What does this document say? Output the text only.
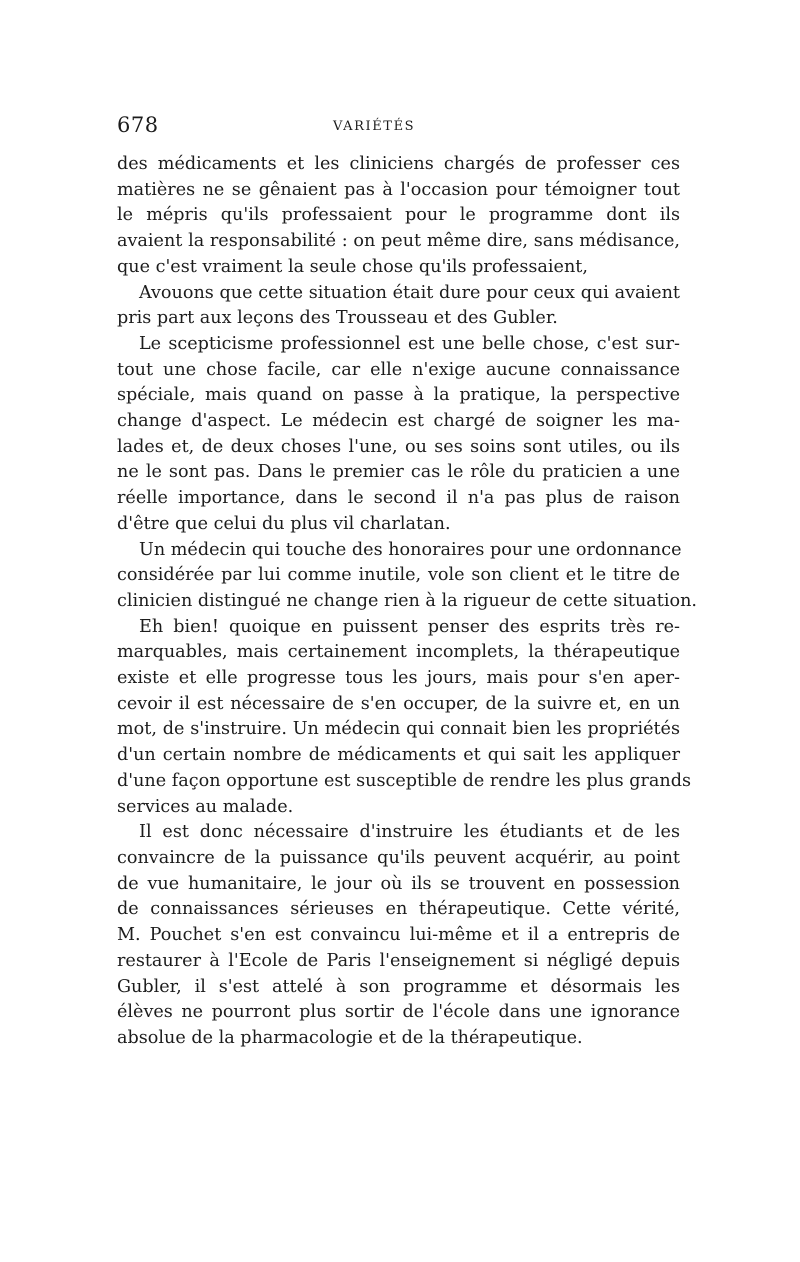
678	VARIÉTÉS

des médicaments et les cliniciens chargés de professer ces
matières ne se gênaient pas à l'occasion pour témoigner tout
le mépris qu'ils professaient pour le programme dont ils
avaient la responsabilité : on peut même dire, sans médisance,
que c'est vraiment la seule chose qu'ils professaient,

Avouons que cette situation était dure pour ceux qui avaient
pris part aux leçons des Trousseau et des Gubler.

Le scepticisme professionnel est une belle chose, c'est sur-
tout une chose facile, car elle n'exige aucune connaissance
spéciale, mais quand on passe à la pratique, la perspective
change d'aspect. Le médecin est chargé de soigner les ma-
lades et, de deux choses l'une, ou ses soins sont utiles, ou ils
ne le sont pas. Dans le premier cas le rôle du praticien a une
réelle importance, dans le second il n'a pas plus de raison
d'être que celui du plus vil charlatan.

Un médecin qui touche des honoraires pour une ordonnance
considérée par lui comme inutile, vole son client et le titre de
clinicien distingué ne change rien à la rigueur de cette situation.

Eh bien! quoique en puissent penser des esprits très re-
marquables, mais certainement incomplets, la thérapeutique
existe et elle progresse tous les jours, mais pour s'en aper-
cevoir il est nécessaire de s'en occuper, de la suivre et, en un
mot, de s'instruire. Un médecin qui connait bien les propriétés
d'un certain nombre de médicaments et qui sait les appliquer
d'une façon opportune est susceptible de rendre les plus grands
services au malade.

Il est donc nécessaire d'instruire les étudiants et de les
convaincre de la puissance qu'ils peuvent acquérir, au point
de vue humanitaire, le jour où ils se trouvent en possession
de connaissances sérieuses en thérapeutique. Cette vérité,
M. Pouchet s'en est convaincu lui-même et il a entrepris de
restaurer à l'Ecole de Paris l'enseignement si négligé depuis
Gubler, il s'est attelé à son programme et désormais les
élèves ne pourront plus sortir de l'école dans une ignorance
absolue de la pharmacologie et de la thérapeutique.
